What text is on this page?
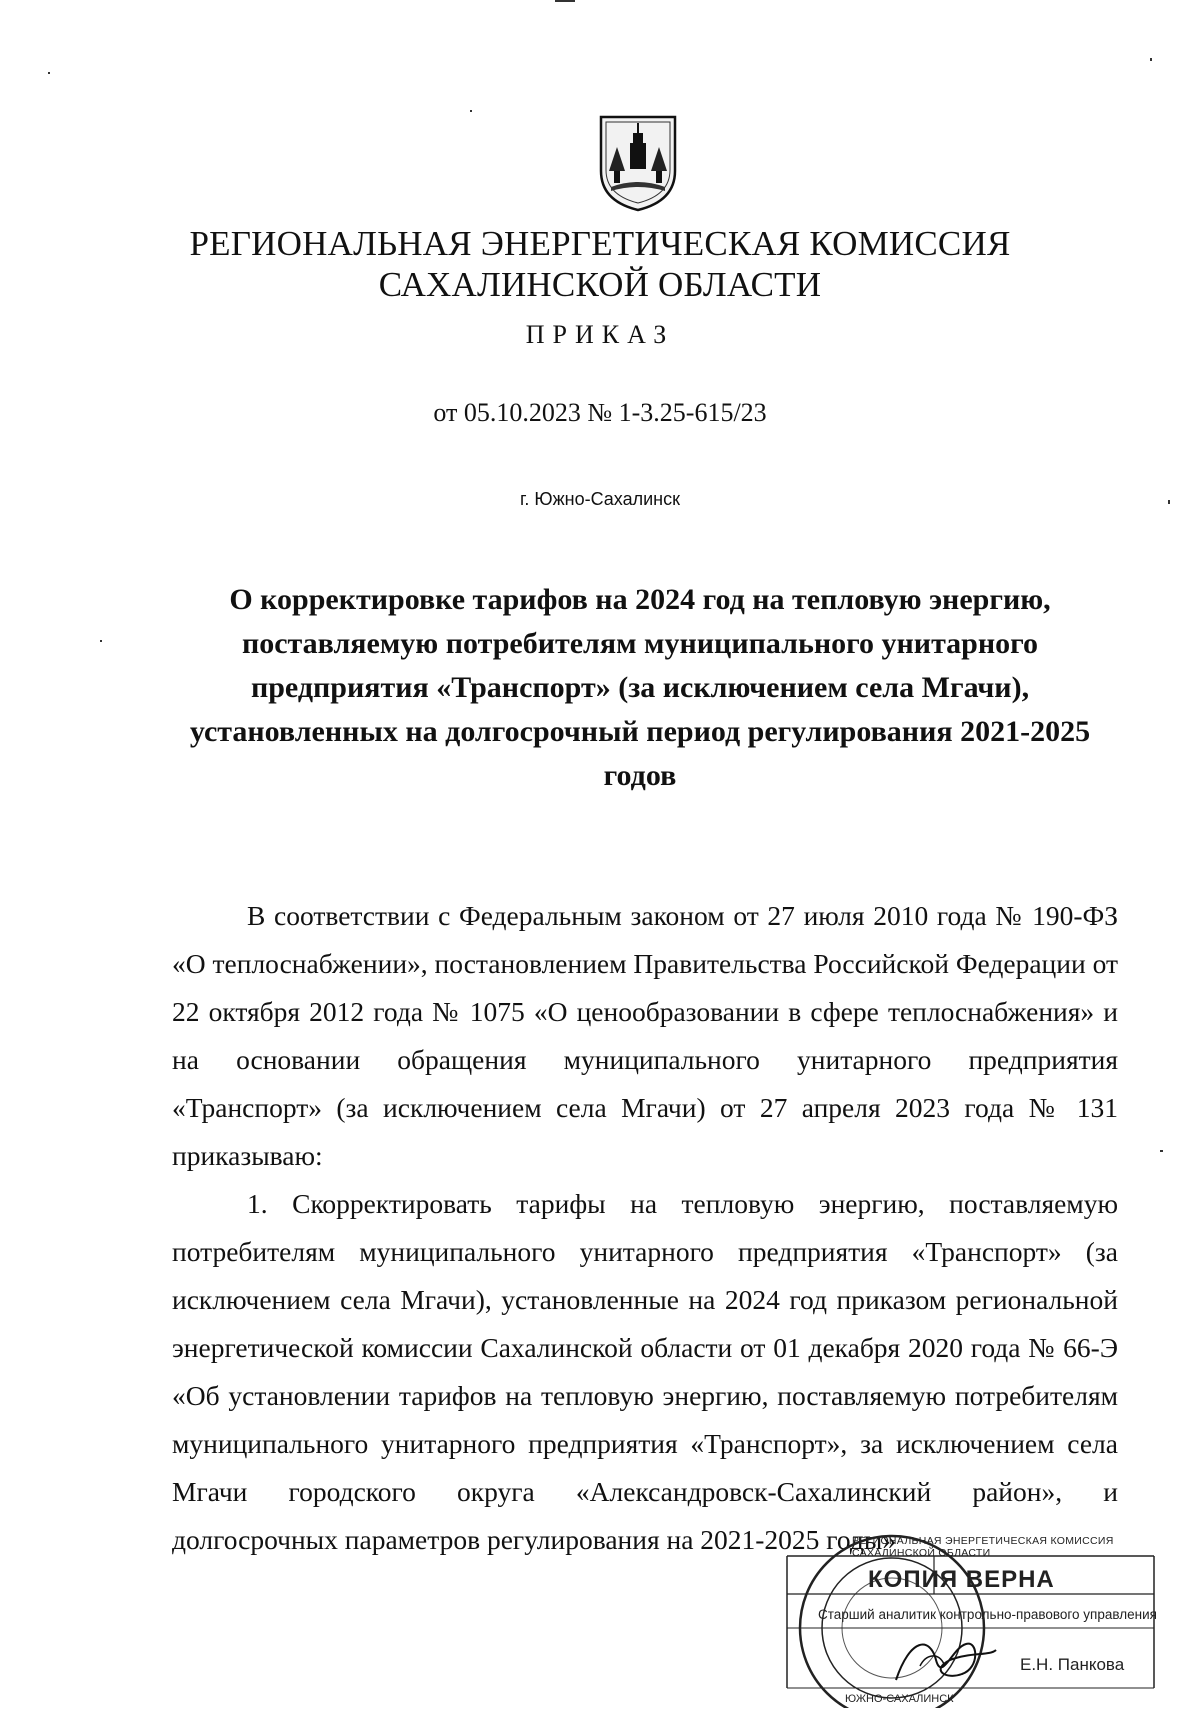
РЕГИОНАЛЬНАЯ ЭНЕРГЕТИЧЕСКАЯ КОМИССИЯ
САХАЛИНСКОЙ ОБЛАСТИ
ПРИКАЗ
от 05.10.2023 № 1-3.25-615/23
г. Южно-Сахалинск
О корректировке тарифов на 2024 год на тепловую энергию, поставляемую потребителям муниципального унитарного предприятия «Транспорт» (за исключением села Мгачи), установленных на долгосрочный период регулирования 2021-2025 годов

В соответствии с Федеральным законом от 27 июля 2010 года № 190-ФЗ «О теплоснабжении», постановлением Правительства Российской Федерации от 22 октября 2012 года № 1075 «О ценообразовании в сфере теплоснабжения» и на основании обращения муниципального унитарного предприятия «Транспорт» (за исключением села Мгачи) от 27 апреля 2023 года № 131 приказываю:

1. Скорректировать тарифы на тепловую энергию, поставляемую потребителям муниципального унитарного предприятия «Транспорт» (за исключением села Мгачи), установленные на 2024 год приказом региональной энергетической комиссии Сахалинской области от 01 декабря 2020 года № 66-Э «Об установлении тарифов на тепловую энергию, поставляемую потребителям муниципального унитарного предприятия «Транспорт», за исключением села Мгачи городского округа «Александровск-Сахалинский район», и долгосрочных параметров регулирования на 2021-2025 годы»

ЮЖНО-САХАЛИНСК
РЕГИОНАЛЬНАЯ ЭНЕРГЕТИЧЕСКАЯ КОМИССИЯ САХАЛИНСКОЙ ОБЛАСТИ
КОПИЯ ВЕРНА
Старший аналитик контрольно-правового управления
Е.Н. Панкова
